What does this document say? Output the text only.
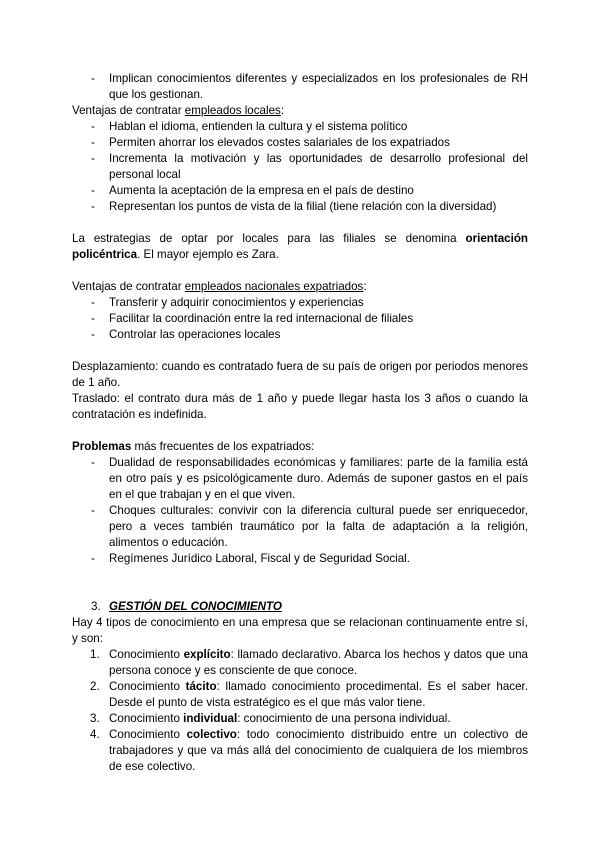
- Implican conocimientos diferentes y especializados en los profesionales de RH que los gestionan.

Ventajas de contratar empleados locales:

- Hablan el idioma, entienden la cultura y el sistema político
- Permiten ahorrar los elevados costes salariales de los expatriados
- Incrementa la motivación y las oportunidades de desarrollo profesional del personal local
- Aumenta la aceptación de la empresa en el país de destino
- Representan los puntos de vista de la filial (tiene relación con la diversidad)

La estrategias de optar por locales para las filiales se denomina orientación policéntrica. El mayor ejemplo es Zara.

Ventajas de contratar empleados nacionales expatriados:

- Transferir y adquirir conocimientos y experiencias
- Facilitar la coordinación entre la red internacional de filiales
- Controlar las operaciones locales

Desplazamiento: cuando es contratado fuera de su país de origen por periodos menores de 1 año.

Traslado: el contrato dura más de 1 año y puede llegar hasta los 3 años o cuando la contratación es indefinida.

Problemas más frecuentes de los expatriados:

- Dualidad de responsabilidades económicas y familiares: parte de la familia está en otro país y es psicológicamente duro. Además de suponer gastos en el país en el que trabajan y en el que viven.
- Choques culturales: convivir con la diferencia cultural puede ser enriquecedor, pero a veces también traumático por la falta de adaptación a la religión, alimentos o educación.
- Regímenes Jurídico Laboral, Fiscal y de Seguridad Social.
3. GESTIÓN DEL CONOCIMIENTO

Hay 4 tipos de conocimiento en una empresa que se relacionan continuamente entre sí, y son:

1. Conocimiento explícito: llamado declarativo. Abarca los hechos y datos que una persona conoce y es consciente de que conoce.
2. Conocimiento tácito: llamado conocimiento procedimental. Es el saber hacer. Desde el punto de vista estratégico es el que más valor tiene.
3. Conocimiento individual: conocimiento de una persona individual.
4. Conocimiento colectivo: todo conocimiento distribuido entre un colectivo de trabajadores y que va más allá del conocimiento de cualquiera de los miembros de ese colectivo.
